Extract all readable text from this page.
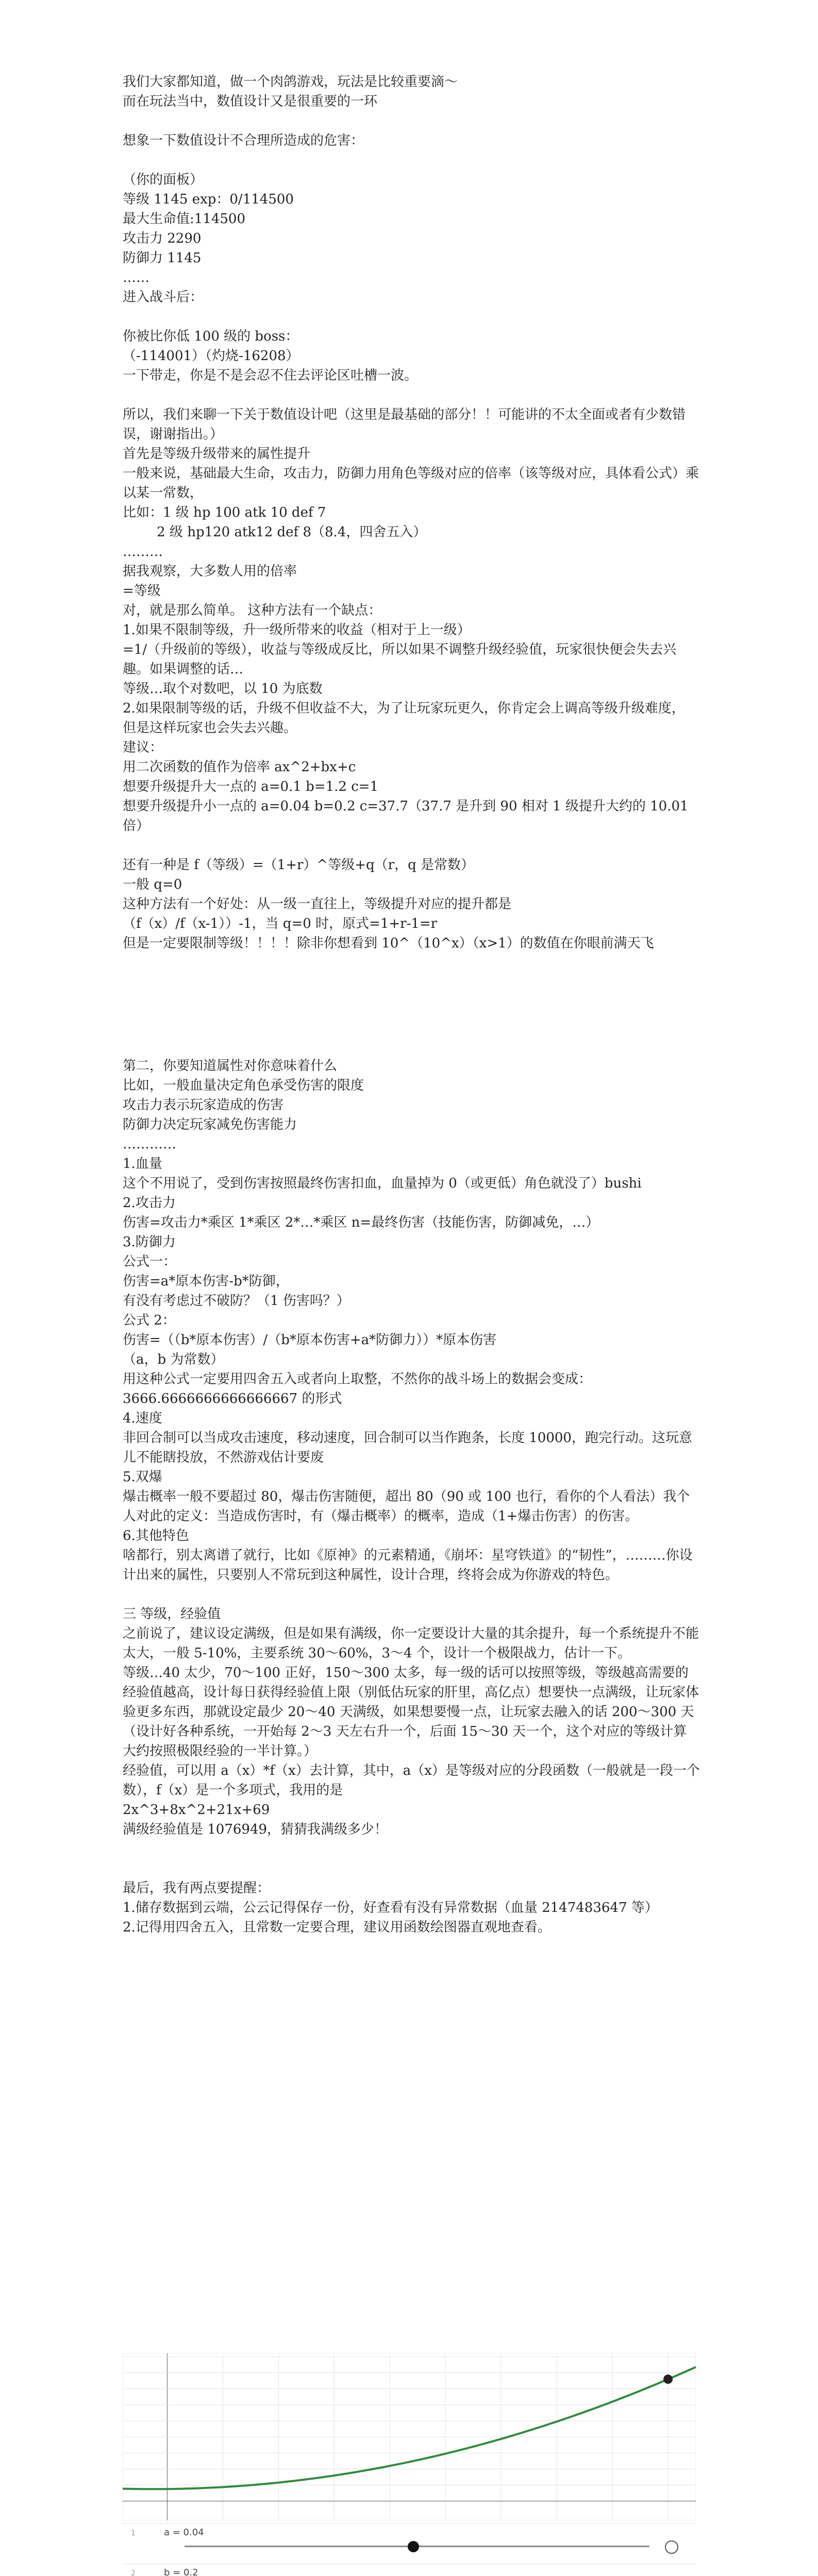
我们大家都知道，做一个肉鸽游戏，玩法是比较重要滴～

而在玩法当中，数值设计又是很重要的一环

想象一下数值设计不合理所造成的危害：

（你的面板）

等级 1145 exp：0/114500

最大生命值:114500

攻击力 2290

防御力 1145

……

进入战斗后：

你被比你低 100 级的 boss：

（-114001）（灼烧-16208）

一下带走，你是不是会忍不住去评论区吐槽一波。

所以，我们来聊一下关于数值设计吧（这里是最基础的部分！！可能讲的不太全面或者有少数错误，谢谢指出。）

首先是等级升级带来的属性提升

一般来说，基础最大生命，攻击力，防御力用角色等级对应的倍率（该等级对应，具体看公式）乘以某一常数，

比如：1 级 hp 100 atk 10 def 7

2 级 hp120 atk12 def 8（8.4，四舍五入）

………

据我观察，大多数人用的倍率

=等级

对，就是那么简单。 这种方法有一个缺点：

1.如果不限制等级，升一级所带来的收益（相对于上一级）

=1/（升级前的等级），收益与等级成反比，所以如果不调整升级经验值，玩家很快便会失去兴趣。如果调整的话…

等级…取个对数吧，以 10 为底数

2.如果限制等级的话，升级不但收益不大，为了让玩家玩更久，你肯定会上调高等级升级难度，

但是这样玩家也会失去兴趣。

建议：

用二次函数的值作为倍率 ax^2+bx+c

想要升级提升大一点的 a=0.1 b=1.2 c=1

想要升级提升小一点的 a=0.04 b=0.2 c=37.7（37.7 是升到 90 相对 1 级提升大约的 10.01 倍）

还有一种是 f（等级）=（1+r）^等级+q（r，q 是常数）

一般 q=0

这种方法有一个好处：从一级一直往上，等级提升对应的提升都是

（f（x）/f（x-1））-1，当 q=0 时，原式=1+r-1=r

但是一定要限制等级！！！！除非你想看到 10^（10^x）（x>1）的数值在你眼前满天飞

第二，你要知道属性对你意味着什么

比如，一般血量决定角色承受伤害的限度

攻击力表示玩家造成的伤害

防御力决定玩家减免伤害能力

…………

1.血量

这个不用说了，受到伤害按照最终伤害扣血，血量掉为 0（或更低）角色就没了）bushi

2.攻击力

伤害=攻击力*乘区 1*乘区 2*…*乘区 n=最终伤害（技能伤害，防御减免，…）

3.防御力

公式一：

伤害=a*原本伤害-b*防御，

有没有考虑过不破防？（1 伤害吗？）

公式 2：

伤害=（（b*原本伤害）/（b*原本伤害+a*防御力））*原本伤害

（a，b 为常数）

用这种公式一定要用四舍五入或者向上取整，不然你的战斗场上的数据会变成：

3666.6666666666666667 的形式

4.速度

非回合制可以当成攻击速度，移动速度，回合制可以当作跑条，长度 10000，跑完行动。这玩意儿不能瞎投放，不然游戏估计要废

5.双爆

爆击概率一般不要超过 80，爆击伤害随便，超出 80（90 或 100 也行，看你的个人看法）我个人对此的定义：当造成伤害时，有（爆击概率）的概率，造成（1+爆击伤害）的伤害。

6.其他特色

啥都行，别太离谱了就行，比如《原神》的元素精通，《崩坏：星穹铁道》的“韧性”，………你设计出来的属性，只要别人不常玩到这种属性，设计合理，终将会成为你游戏的特色。

三 等级，经验值

之前说了，建议设定满级，但是如果有满级，你一定要设计大量的其余提升，每一个系统提升不能太大，一般 5-10%，主要系统 30～60%，3～4 个，设计一个极限战力，估计一下。

等级…40 太少，70～100 正好，150～300 太多，每一级的话可以按照等级，等级越高需要的经验值越高，设计每日获得经验值上限（别低估玩家的肝里，高亿点）想要快一点满级，让玩家体验更多东西，那就设定最少 20～40 天满级，如果想要慢一点，让玩家去融入的话 200～300 天（设计好各种系统，一开始每 2～3 天左右升一个，后面 15～30 天一个，这个对应的等级计算大约按照极限经验的一半计算。）

经验值，可以用 a（x）*f（x）去计算，其中，a（x）是等级对应的分段函数（一般就是一段一个数），f（x）是一个多项式，我用的是

2x^3+8x^2+21x+69

满级经验值是 1076949，猜猜我满级多少！

最后，我有两点要提醒：

1.储存数据到云端，公云记得保存一份，好查看有没有异常数据（血量 2147483647 等）

2.记得用四舍五入，且常数一定要合理，建议用函数绘图器直观地查看。

1	a = 0.04
2	b = 0.2
